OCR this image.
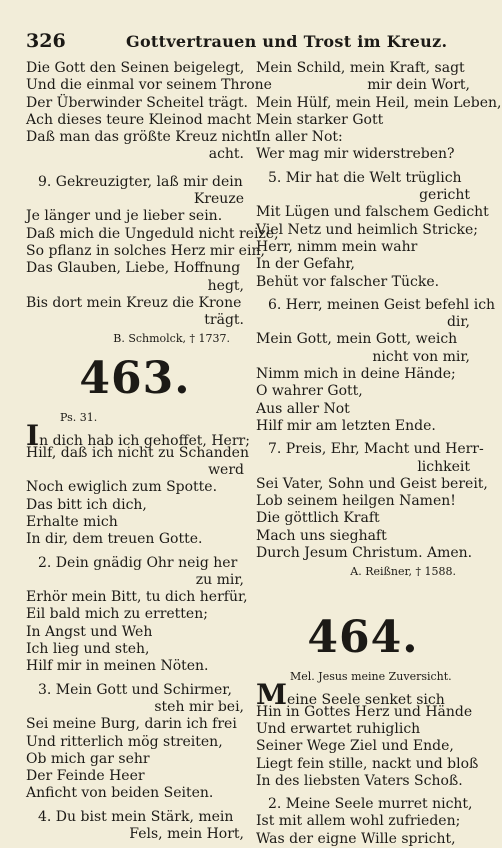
326	Gottvertrauen und Trost im Kreuz.
Die Gott den Seinen beigelegt,
Und die einmal vor seinem Throne
Der Überwinder Scheitel trägt.
Ach dieses teure Kleinod macht
Daß man das größte Kreuz nicht
acht.
9. Gekreuzigter, laß mir dein
Kreuze
Je länger und je lieber sein.
Daß mich die Ungeduld nicht reize,
So pflanz in solches Herz mir ein,
Das Glauben, Liebe, Hoffnung
hegt,
Bis dort mein Kreuz die Krone
trägt.
B. Schmolck, † 1737.
463.
Ps. 31.
In dich hab ich gehoffet, Herr;
Hilf, daß ich nicht zu Schanden
werd
Noch ewiglich zum Spotte.
Das bitt ich dich,
Erhalte mich
In dir, dem treuen Gotte.
2. Dein gnädig Ohr neig her
zu mir,
Erhör mein Bitt, tu dich herfür,
Eil bald mich zu erretten;
In Angst und Weh
Ich lieg und steh,
Hilf mir in meinen Nöten.
3. Mein Gott und Schirmer,
steh mir bei,
Sei meine Burg, darin ich frei
Und ritterlich mög streiten,
Ob mich gar sehr
Der Feinde Heer
Anficht von beiden Seiten.
4. Du bist mein Stärk, mein
Fels, mein Hort,
Mein Schild, mein Kraft, sagt
mir dein Wort,
Mein Hülf, mein Heil, mein Leben,
Mein starker Gott
In aller Not:
Wer mag mir widerstreben?
5. Mir hat die Welt trüglich
gericht
Mit Lügen und falschem Gedicht
Viel Netz und heimlich Stricke;
Herr, nimm mein wahr
In der Gefahr,
Behüt vor falscher Tücke.
6. Herr, meinen Geist befehl ich
dir,
Mein Gott, mein Gott, weich
nicht von mir,
Nimm mich in deine Hände;
O wahrer Gott,
Aus aller Not
Hilf mir am letzten Ende.
7. Preis, Ehr, Macht und Herr-
lichkeit
Sei Vater, Sohn und Geist bereit,
Lob seinem heilgen Namen!
Die göttlich Kraft
Mach uns sieghaft
Durch Jesum Christum. Amen.
A. Reißner, † 1588.
464.
Mel. Jesus meine Zuversicht.
Meine Seele senket sich
Hin in Gottes Herz und Hände
Und erwartet ruhiglich
Seiner Wege Ziel und Ende,
Liegt fein stille, nackt und bloß
In des liebsten Vaters Schoß.
2. Meine Seele murret nicht,
Ist mit allem wohl zufrieden;
Was der eigne Wille spricht,
